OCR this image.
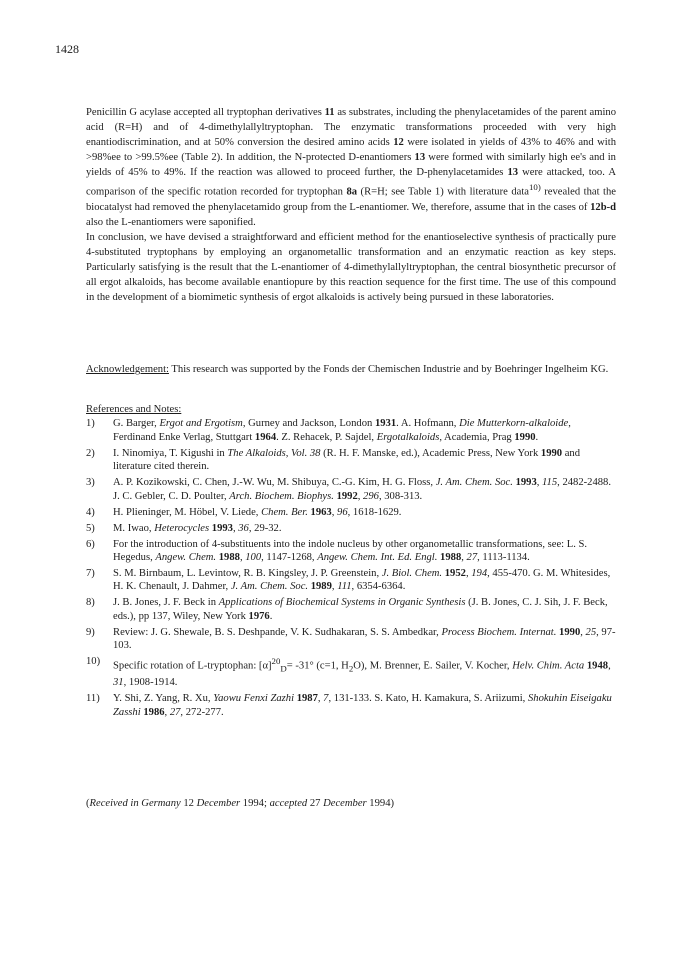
1428

Penicillin G acylase accepted all tryptophan derivatives 11 as substrates, including the phenylacetamides of the parent amino acid (R=H) and of 4-dimethylallyltryptophan. The enzymatic transformations proceeded with very high enantiodiscrimination, and at 50% conversion the desired amino acids 12 were isolated in yields of 43% to 46% and with >98%ee to >99.5%ee (Table 2). In addition, the N-protected D-enantiomers 13 were formed with similarly high ee's and in yields of 45% to 49%. If the reaction was allowed to proceed further, the D-phenylacetamides 13 were attacked, too. A comparison of the specific rotation recorded for tryptophan 8a (R=H; see Table 1) with literature data$^{10)}$ revealed that the biocatalyst had removed the phenylacetamido group from the L-enantiomer. We, therefore, assume that in the cases of 12b-d also the L-enantiomers were saponified.

In conclusion, we have devised a straightforward and efficient method for the enantioselective synthesis of practically pure 4-substituted tryptophans by employing an organometallic transformation and an enzymatic reaction as key steps. Particularly satisfying is the result that the L-enantiomer of 4-dimethylallyltryptophan, the central biosynthetic precursor of all ergot alkaloids, has become available enantiopure by this reaction sequence for the first time. The use of this compound in the development of a biomimetic synthesis of ergot alkaloids is actively being pursued in these laboratories.

Acknowledgement: This research was supported by the Fonds der Chemischen Industrie and by Boehringer Ingelheim KG.

References and Notes:
1)	G. Barger, Ergot and Ergotism, Gurney and Jackson, London 1931. A. Hofmann, Die Mutterkorn-alkaloide, Ferdinand Enke Verlag, Stuttgart 1964. Z. Rehacek, P. Sajdel, Ergotalkaloids, Academia, Prag 1990.
2)	I. Ninomiya, T. Kigushi in The Alkaloids, Vol. 38 (R. H. F. Manske, ed.), Academic Press, New York 1990 and literature cited therein.
3)	A. P. Kozikowski, C. Chen, J.-W. Wu, M. Shibuya, C.-G. Kim, H. G. Floss, J. Am. Chem. Soc. 1993, 115, 2482-2488. J. C. Gebler, C. D. Poulter, Arch. Biochem. Biophys. 1992, 296, 308-313.
4)	H. Plieninger, M. Höbel, V. Liede, Chem. Ber. 1963, 96, 1618-1629.
5)	M. Iwao, Heterocycles 1993, 36, 29-32.
6)	For the introduction of 4-substituents into the indole nucleus by other organometallic transformations, see: L. S. Hegedus, Angew. Chem. 1988, 100, 1147-1268, Angew. Chem. Int. Ed. Engl. 1988, 27, 1113-1134.
7)	S. M. Birnbaum, L. Levintow, R. B. Kingsley, J. P. Greenstein, J. Biol. Chem. 1952, 194, 455-470. G. M. Whitesides, H. K. Chenault, J. Dahmer, J. Am. Chem. Soc. 1989, 111, 6354-6364.
8)	J. B. Jones, J. F. Beck in Applications of Biochemical Systems in Organic Synthesis (J. B. Jones, C. J. Sih, J. F. Beck, eds.), pp 137, Wiley, New York 1976.
9)	Review: J. G. Shewale, B. S. Deshpande, V. K. Sudhakaran, S. S. Ambedkar, Process Biochem. Internat. 1990, 25, 97-103.
10)	Specific rotation of L-tryptophan: $[\alpha]^{20}_D= -31^\circ$ (c=1, $H_2O$), M. Brenner, E. Sailer, V. Kocher, Helv. Chim. Acta 1948, 31, 1908-1914.
11)	Y. Shi, Z. Yang, R. Xu, Yaowu Fenxi Zazhi 1987, 7, 131-133. S. Kato, H. Kamakura, S. Ariizumi, Shokuhin Eiseigaku Zasshi 1986, 27, 272-277.
(Received in Germany 12 December 1994; accepted 27 December 1994)
